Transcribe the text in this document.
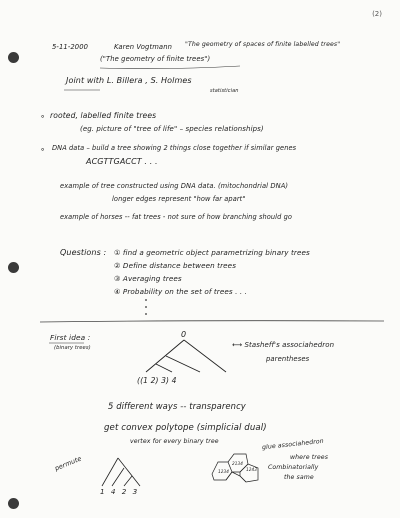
(2)
5-11-2000	Karen Vogtmann "The geometry of spaces of finite labelled trees"
("The geometry of finite trees")
Joint with L. Billera , S. Holmes
statistician
∘ rooted, labelled finite trees
(eg. picture of "tree of life" – species relationships)
∘ DNA data – build a tree showing 2 things close together if similar genes
ACGTTGACCT . . .
example of tree constructed using DNA data. (mitochondrial DNA)
longer edges represent "how far apart"
example of horses -- fat trees - not sure of how branching should go
Questions : ① find a geometric object parametrizing binary trees
② Define distance between trees
③ Averaging trees
④ Probability on the set of trees . . .
First idea :
(binary trees)
0
((1 2) 3) 4
⟷ Stasheff's associahedron
parentheses
5 different ways -- transparency
get convex polytope (simplicial dual)
vertex for every binary tree	glue associahedron
where trees
Combinatorially
the same
permute
1 4 2 3
1234
2134
1243
